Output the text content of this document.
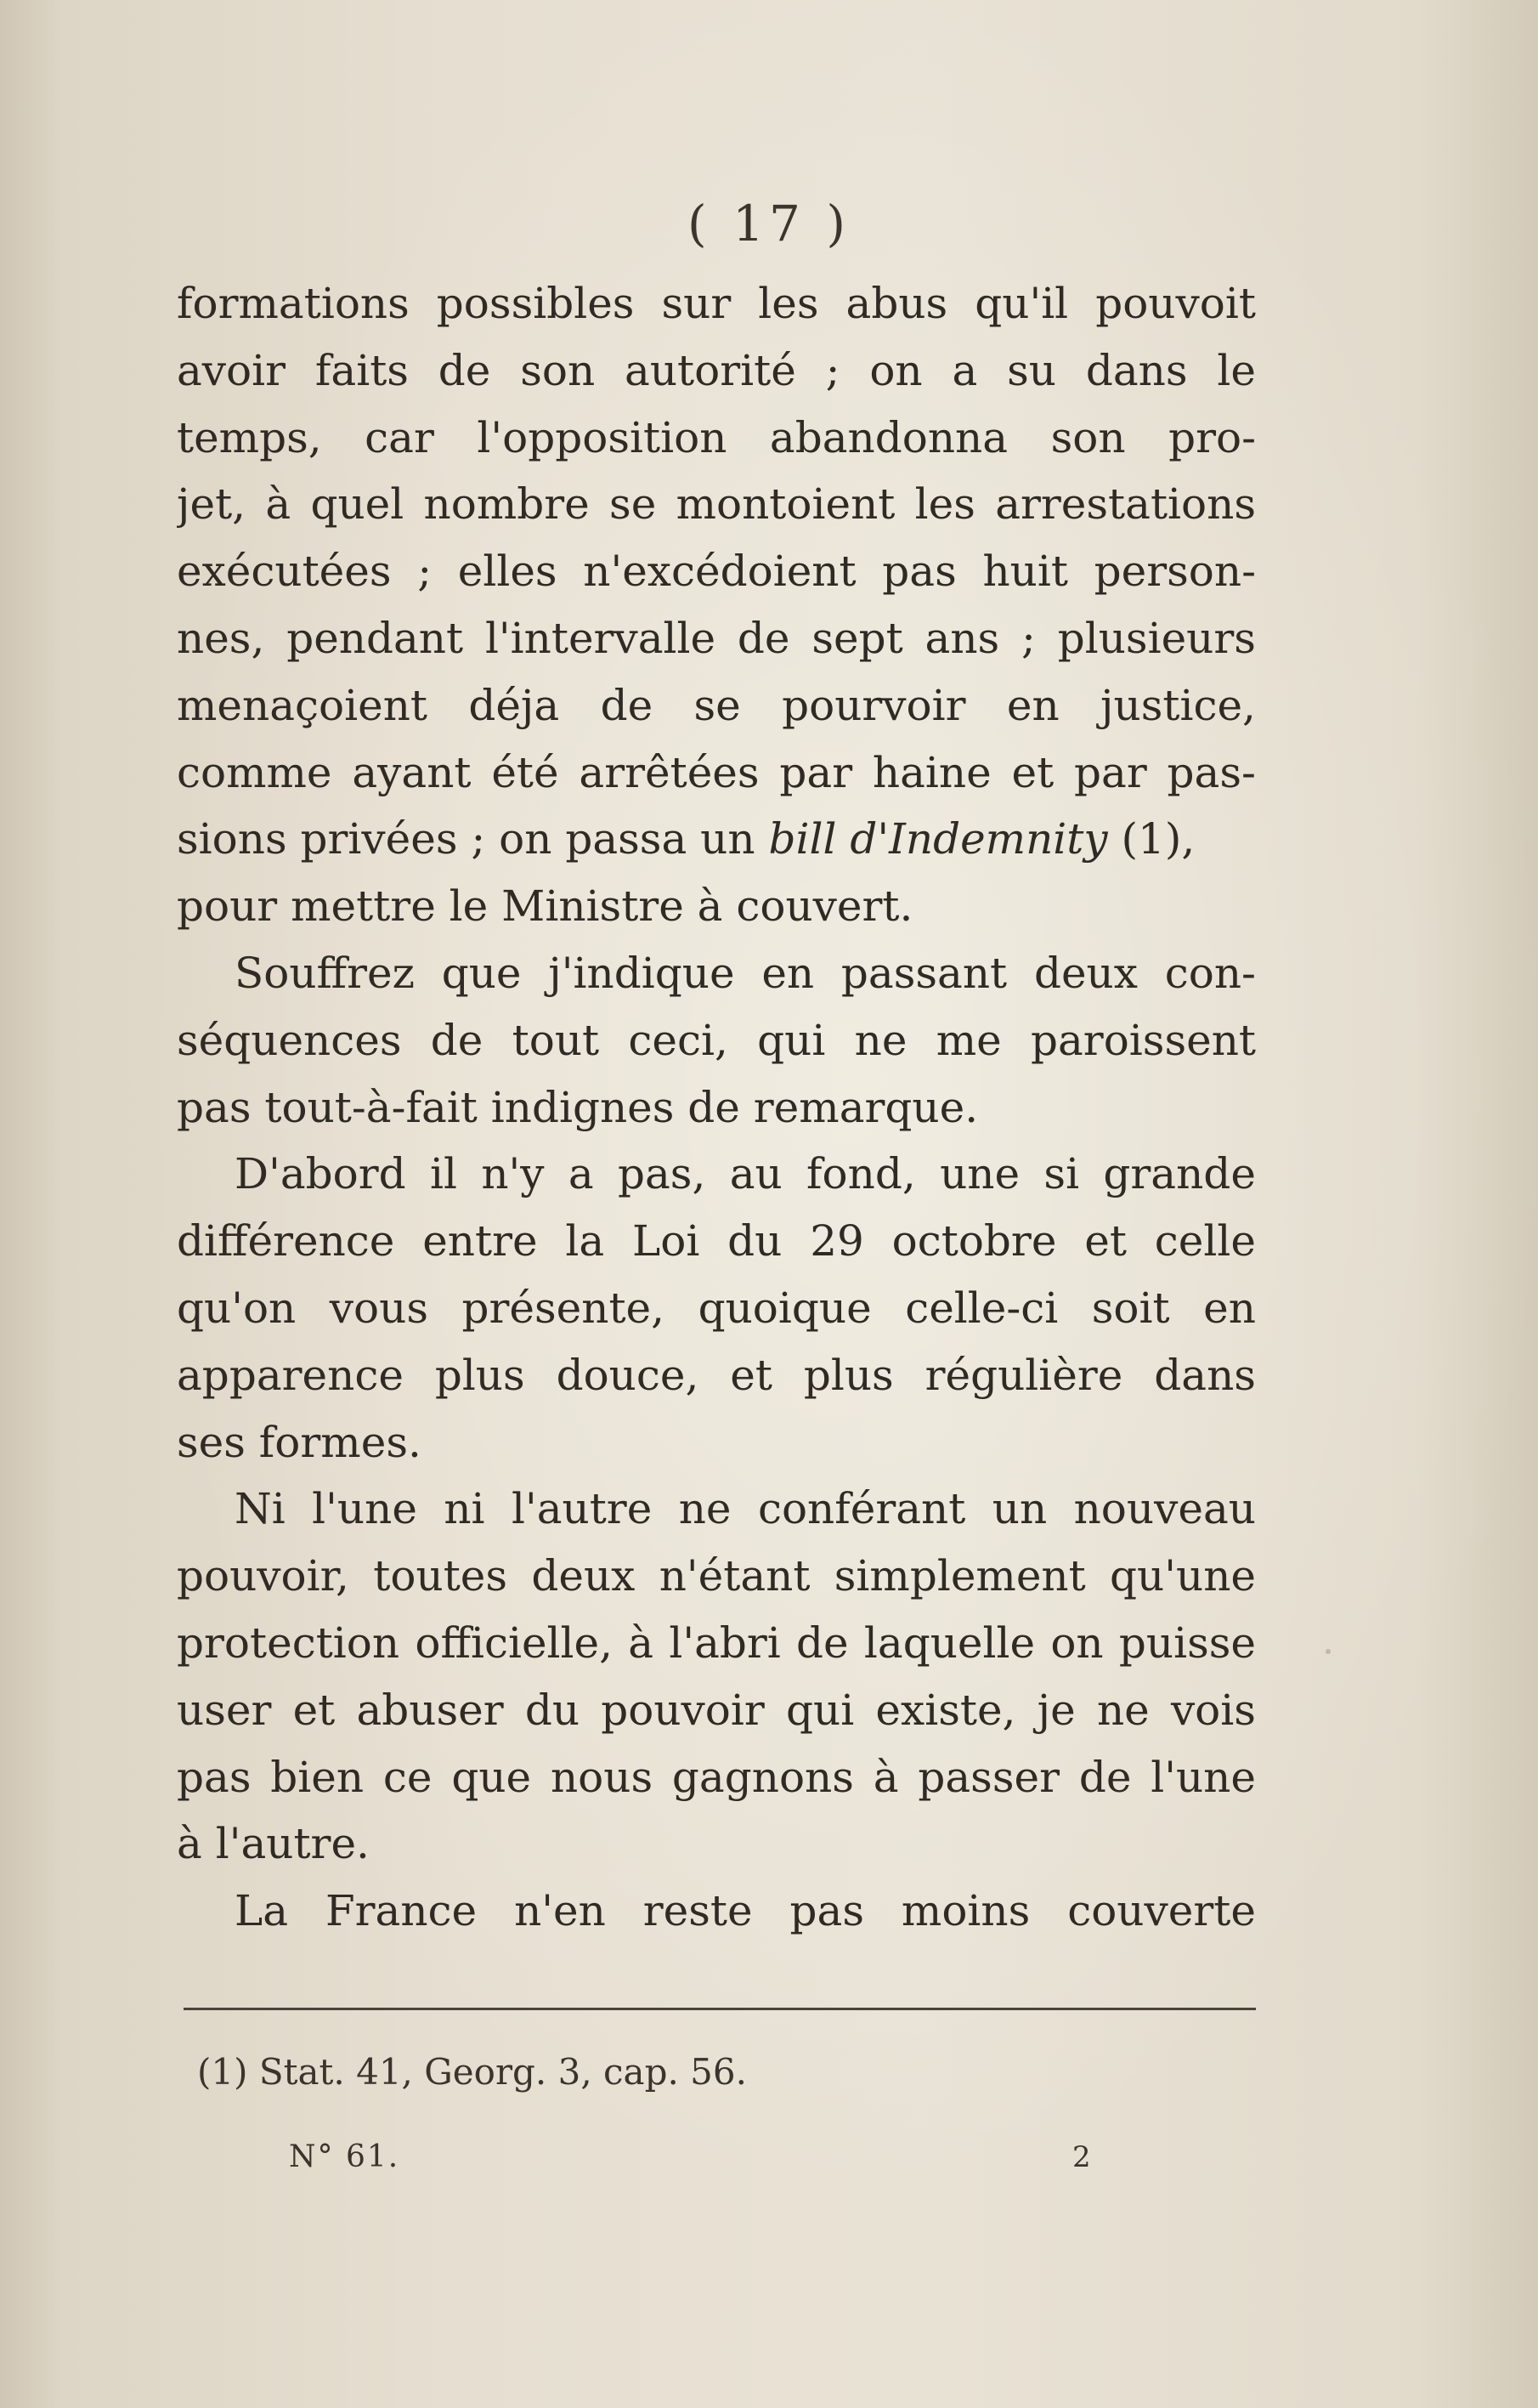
( 17 )
formations possibles sur les abus qu'il pouvoit
avoir faits de son autorité ; on a su dans le
temps, car l'opposition abandonna son pro-
jet, à quel nombre se montoient les arrestations
exécutées ; elles n'excédoient pas huit person-
nes, pendant l'intervalle de sept ans ; plusieurs
menaçoient déja de se pourvoir en justice,
comme ayant été arrêtées par haine et par pas-
sions privées ; on passa un bill d'Indemnity (1),
pour mettre le Ministre à couvert.
Souffrez que j'indique en passant deux con-
séquences de tout ceci, qui ne me paroissent
pas tout-à-fait indignes de remarque.
D'abord il n'y a pas, au fond, une si grande
différence entre la Loi du 29 octobre et celle
qu'on vous présente, quoique celle-ci soit en
apparence plus douce, et plus régulière dans
ses formes.
Ni l'une ni l'autre ne conférant un nouveau
pouvoir, toutes deux n'étant simplement qu'une
protection officielle, à l'abri de laquelle on puisse
user et abuser du pouvoir qui existe, je ne vois
pas bien ce que nous gagnons à passer de l'une
à l'autre.
La France n'en reste pas moins couverte
(1) Stat. 41, Georg. 3, cap. 56.
N° 61.	2
